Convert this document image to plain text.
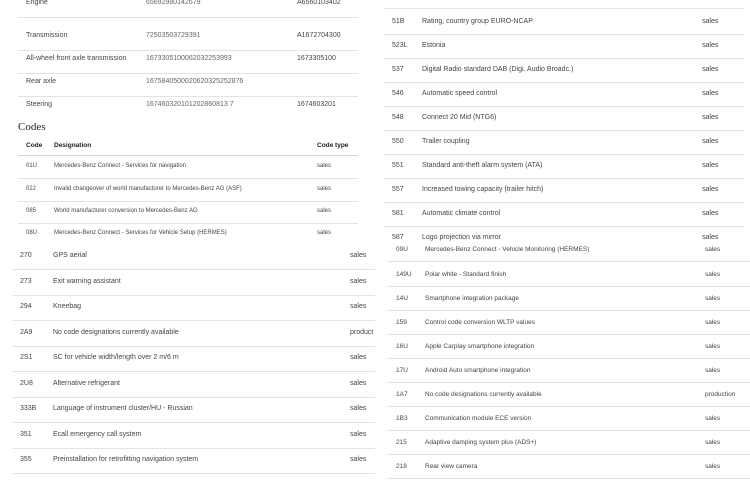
Engine	65692980142679	A6560103402
Transmission	72503503729391	A1672704300
All-wheel front axle transmission	1673305100062032253993	1673305100
Rear axle	1675840500020620325252876
Steering	167460320101202860813 7	1674603201
Codes
Code Designation	Code type
01U	Mercedes-Benz Connect - Services for navigation	sales
02J	Invalid changeover of world manufacturer to Mercedes-Benz AG (ASF)	sales
085	World manufacturer conversion to Mercedes-Benz AG	sales
08U	Mercedes-Benz Connect - Services for Vehicle Setup (HERMES)	sales
270	GPS aerial	sales
273	Exit warning assistant	sales
294	Kneebag	sales
2A9	No code designations currently available	product
2S1	SC for vehicle width/length over 2 m/6 m	sales
2U8	Alternative refrigerant	sales
333B Language of instrument cluster/HU - Russian	sales
351	Ecall emergency call system	sales
355	Preinstallation for retrofitting navigation system	sales
51B	Rating, country group EURO-NCAP	sales
523L Estonia	sales
537	Digital Radio standard DAB (Digi. Audio Broadc.)	sales
546	Automatic speed control	sales
548	Connect 20 Mid (NTG6)	sales
550	Trailer coupling	sales
551	Standard anti-theft alarm system (ATA)	sales
557	Increased towing capacity (trailer hitch)	sales
581	Automatic climate control	sales
587	Logo projection via mirror	sales
09U	Mercedes-Benz Connect - Vehicle Monitoring (HERMES)	sales
149U Polar white - Standard finish	sales
14U	Smartphone integration package	sales
159	Control code conversion WLTP values	sales
16U	Apple Carplay smartphone integration	sales
17U	Android Auto smartphone integration	sales
1A7	No code designations currently available	production
1B3	Communication module ECE version	sales
215	Adaptive damping system plus (ADS+)	sales
218	Rear view camera	sales
